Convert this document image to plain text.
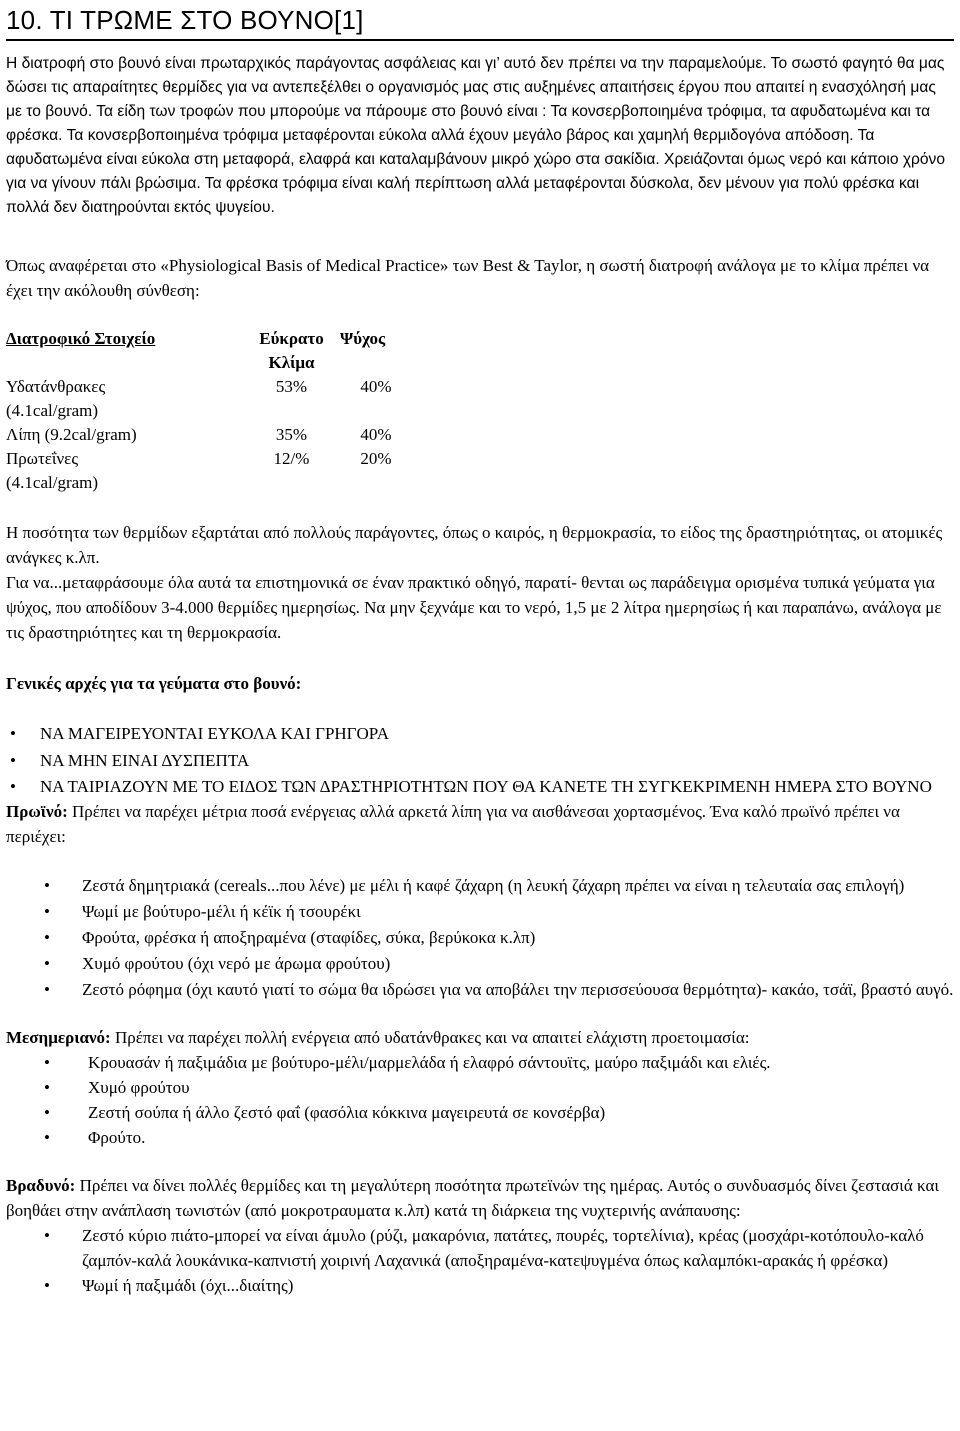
10. ΤΙ ΤΡΩΜΕ ΣΤΟ ΒΟΥΝΟ[1]
Η διατροφή στο βουνό είναι πρωταρχικός παράγοντας ασφάλειας και γι’ αυτό δεν πρέπει να την παραμελούμε. Το σωστό φαγητό θα μας δώσει τις απαραίτητες θερμίδες για να αντεπεξέλθει ο οργανισμός μας στις αυξημένες απαιτήσεις έργου που απαιτεί η ενασχόλησή μας με το βουνό. Τα είδη των τροφών που μπορούμε να πάρουμε στο βουνό είναι : Τα κονσερβοποιημένα τρόφιμα, τα αφυδατωμένα και τα φρέσκα. Τα κονσερβοποιημένα τρόφιμα μεταφέρονται εύκολα αλλά έχουν μεγάλο βάρος και χαμηλή θερμιδογόνα απόδοση. Τα αφυδατωμένα είναι εύκολα στη μεταφορά, ελαφρά και καταλαμβάνουν μικρό χώρο στα σακίδια. Χρειάζονται όμως νερό και κάποιο χρόνο για να γίνουν πάλι βρώσιμα. Τα φρέσκα τρόφιμα είναι καλή περίπτωση αλλά μεταφέρονται δύσκολα, δεν μένουν για πολύ φρέσκα και πολλά δεν διατηρούνται εκτός ψυγείου.
Όπως αναφέρεται στο «Physiological Basis of Medical Practice» των Best & Taylor, η σωστή διατροφή ανάλογα με το κλίμα πρέπει να έχει την ακόλουθη σύνθεση:
Διατροφικό Στοιχείο	Εύκρατο Κλίμα	Ψύχος
Υδατάνθρακες	53%	40%
(4.1cal/gram)		
Λίπη (9.2cal/gram)	35%	40%
Πρωτεΐνες	12/%	20%
(4.1cal/gram)		
Η ποσότητα των θερμίδων εξαρτάται από πολλούς παράγοντες, όπως ο καιρός, η θερμοκρασία, το είδος της δραστηριότητας, οι ατομικές ανάγκες κ.λπ.
Για να...μεταφράσουμε όλα αυτά τα επιστημονικά σε έναν πρακτικό οδηγό, παρατί- θενται ως παράδειγμα ορισμένα τυπικά γεύματα για ψύχος, που αποδίδουν 3-4.000 θερμίδες ημερησίως. Να μην ξεχνάμε και το νερό, 1,5 με 2 λίτρα ημερησίως ή και παραπάνω, ανάλογα με τις δραστηριότητες και τη θερμοκρασία.
Γενικές αρχές για τα γεύματα στο βουνό:
• ΝΑ ΜΑΓΕΙΡΕΥΟΝΤΑΙ ΕΥΚΟΛΑ ΚΑΙ ΓΡΗΓΟΡΑ
• ΝΑ ΜΗΝ ΕΙΝΑΙ ΔΥΣΠΕΠΤΑ
• ΝΑ ΤΑΙΡΙΑΖΟΥΝ ΜΕ ΤΟ ΕΙΔΟΣ ΤΩΝ ΔΡΑΣΤΗΡΙΟΤΗΤΩΝ ΠΟΥ ΘΑ ΚΑΝΕΤΕ ΤΗ ΣΥΓΚΕΚΡΙΜΕΝΗ ΗΜΕΡΑ ΣΤΟ ΒΟΥΝΟ
Πρωϊνό: Πρέπει να παρέχει μέτρια ποσά ενέργειας αλλά αρκετά λίπη για να αισθάνεσαι χορτασμένος. Ένα καλό πρωϊνό πρέπει να περιέχει:
• Ζεστά δημητριακά (cereals...που λένε) με μέλι ή καφέ ζάχαρη (η λευκή ζάχαρη πρέπει να είναι η τελευταία σας επιλογή)
• Ψωμί με βούτυρο-μέλι ή κέϊκ ή τσουρέκι
• Φρούτα, φρέσκα ή αποξηραμένα (σταφίδες, σύκα, βερύκοκα κ.λπ)
• Χυμό φρούτου (όχι νερό με άρωμα φρούτου)
• Ζεστό ρόφημα (όχι καυτό γιατί το σώμα θα ιδρώσει για να αποβάλει την περισσεύουσα θερμότητα)- κακάο, τσάϊ, βραστό αυγό.
Μεσημεριανό: Πρέπει να παρέχει πολλή ενέργεια από υδατάνθρακες και να απαιτεί ελάχιστη προετοιμασία:
• Κρουασάν ή παξιμάδια με βούτυρο-μέλι/μαρμελάδα ή ελαφρό σάντουϊτς, μαύρο παξιμάδι και ελιές.
• Χυμό φρούτου
• Ζεστή σούπα ή άλλο ζεστό φαΐ (φασόλια κόκκινα μαγειρευτά σε κονσέρβα)
• Φρούτο.
Βραδυνό: Πρέπει να δίνει πολλές θερμίδες και τη μεγαλύτερη ποσότητα πρωτεϊνών της ημέρας. Αυτός ο συνδυασμός δίνει ζεστασιά και βοηθάει στην ανάπλαση τωνιστών (από μοκροτραυματα κ.λπ) κατά τη διάρκεια της νυχτερινής ανάπαυσης:
• Ζεστό κύριο πιάτο-μπορεί να είναι άμυλο (ρύζι, μακαρόνια, πατάτες, πουρές, τορτελίνια), κρέας (μοσχάρι-κοτόπουλο-καλό ζαμπόν-καλά λουκάνικα-καπνιστή χοιρινή Λαχανικά (αποξηραμένα-κατεψυγμένα όπως καλαμπόκι-αρακάς ή φρέσκα)
• Ψωμί ή παξιμάδι (όχι...διαίτης)
